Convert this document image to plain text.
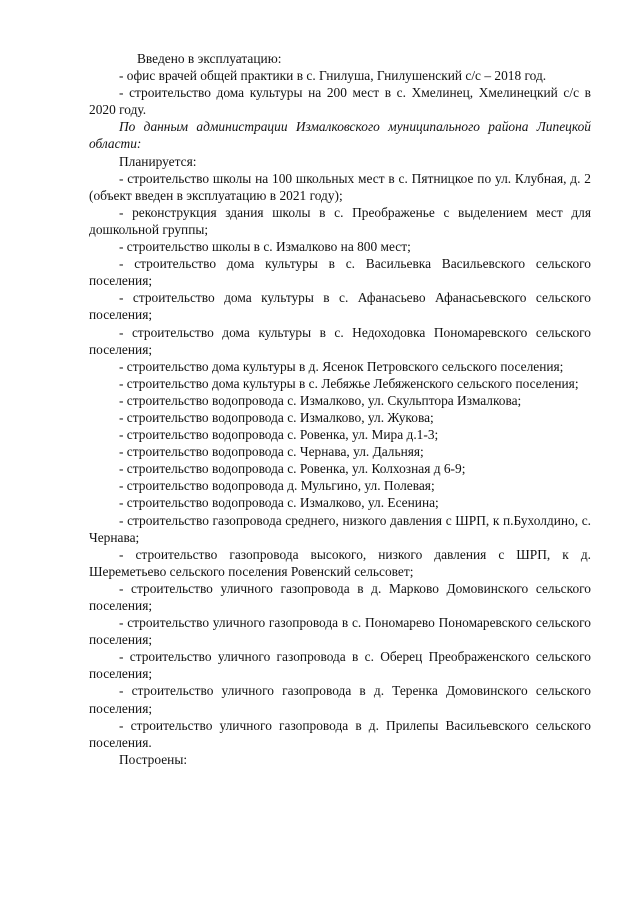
Введено в эксплуатацию:

- офис врачей общей практики в с. Гнилуша, Гнилушенский с/с – 2018 год.

- строительство дома культуры на 200 мест в с. Хмелинец, Хмелинецкий с/с в 2020 году.

По данным администрации Измалковского муниципального района Липецкой области:

Планируется:

- строительство школы на 100 школьных мест в с. Пятницкое по ул. Клубная, д. 2 (объект введен в эксплуатацию в 2021 году);

- реконструкция здания школы в с. Преображенье с выделением мест для дошкольной группы;

- строительство школы в с. Измалково на 800 мест;

- строительство дома культуры в с. Васильевка Васильевского сельского поселения;

- строительство дома культуры в с. Афанасьево Афанасьевского сельского поселения;

- строительство дома культуры в с. Недоходовка Пономаревского сельского поселения;

- строительство дома культуры в д. Ясенок Петровского сельского поселения;

- строительство дома культуры в с. Лебяжье Лебяженского сельского поселения;

- строительство водопровода с. Измалково, ул. Скульптора Измалкова;

- строительство водопровода с. Измалково, ул. Жукова;

- строительство водопровода с. Ровенка, ул. Мира д.1-3;

- строительство водопровода с. Чернава, ул. Дальняя;

- строительство водопровода с. Ровенка, ул. Колхозная д 6-9;

- строительство водопровода д. Мульгино, ул. Полевая;

- строительство водопровода с. Измалково, ул. Есенина;

- строительство газопровода среднего, низкого давления с ШРП, к п.Бухолдино, с. Чернава;

- строительство газопровода высокого, низкого давления с ШРП, к д. Шереметьево сельского поселения Ровенский сельсовет;

- строительство уличного газопровода в д. Марково Домовинского сельского поселения;

- строительство уличного газопровода в с. Пономарево Пономаревского сельского поселения;

- строительство уличного газопровода в с. Оберец Преображенского сельского поселения;

- строительство уличного газопровода в д. Теренка Домовинского сельского поселения;

- строительство уличного газопровода в д. Прилепы Васильевского сельского поселения.

Построены:
